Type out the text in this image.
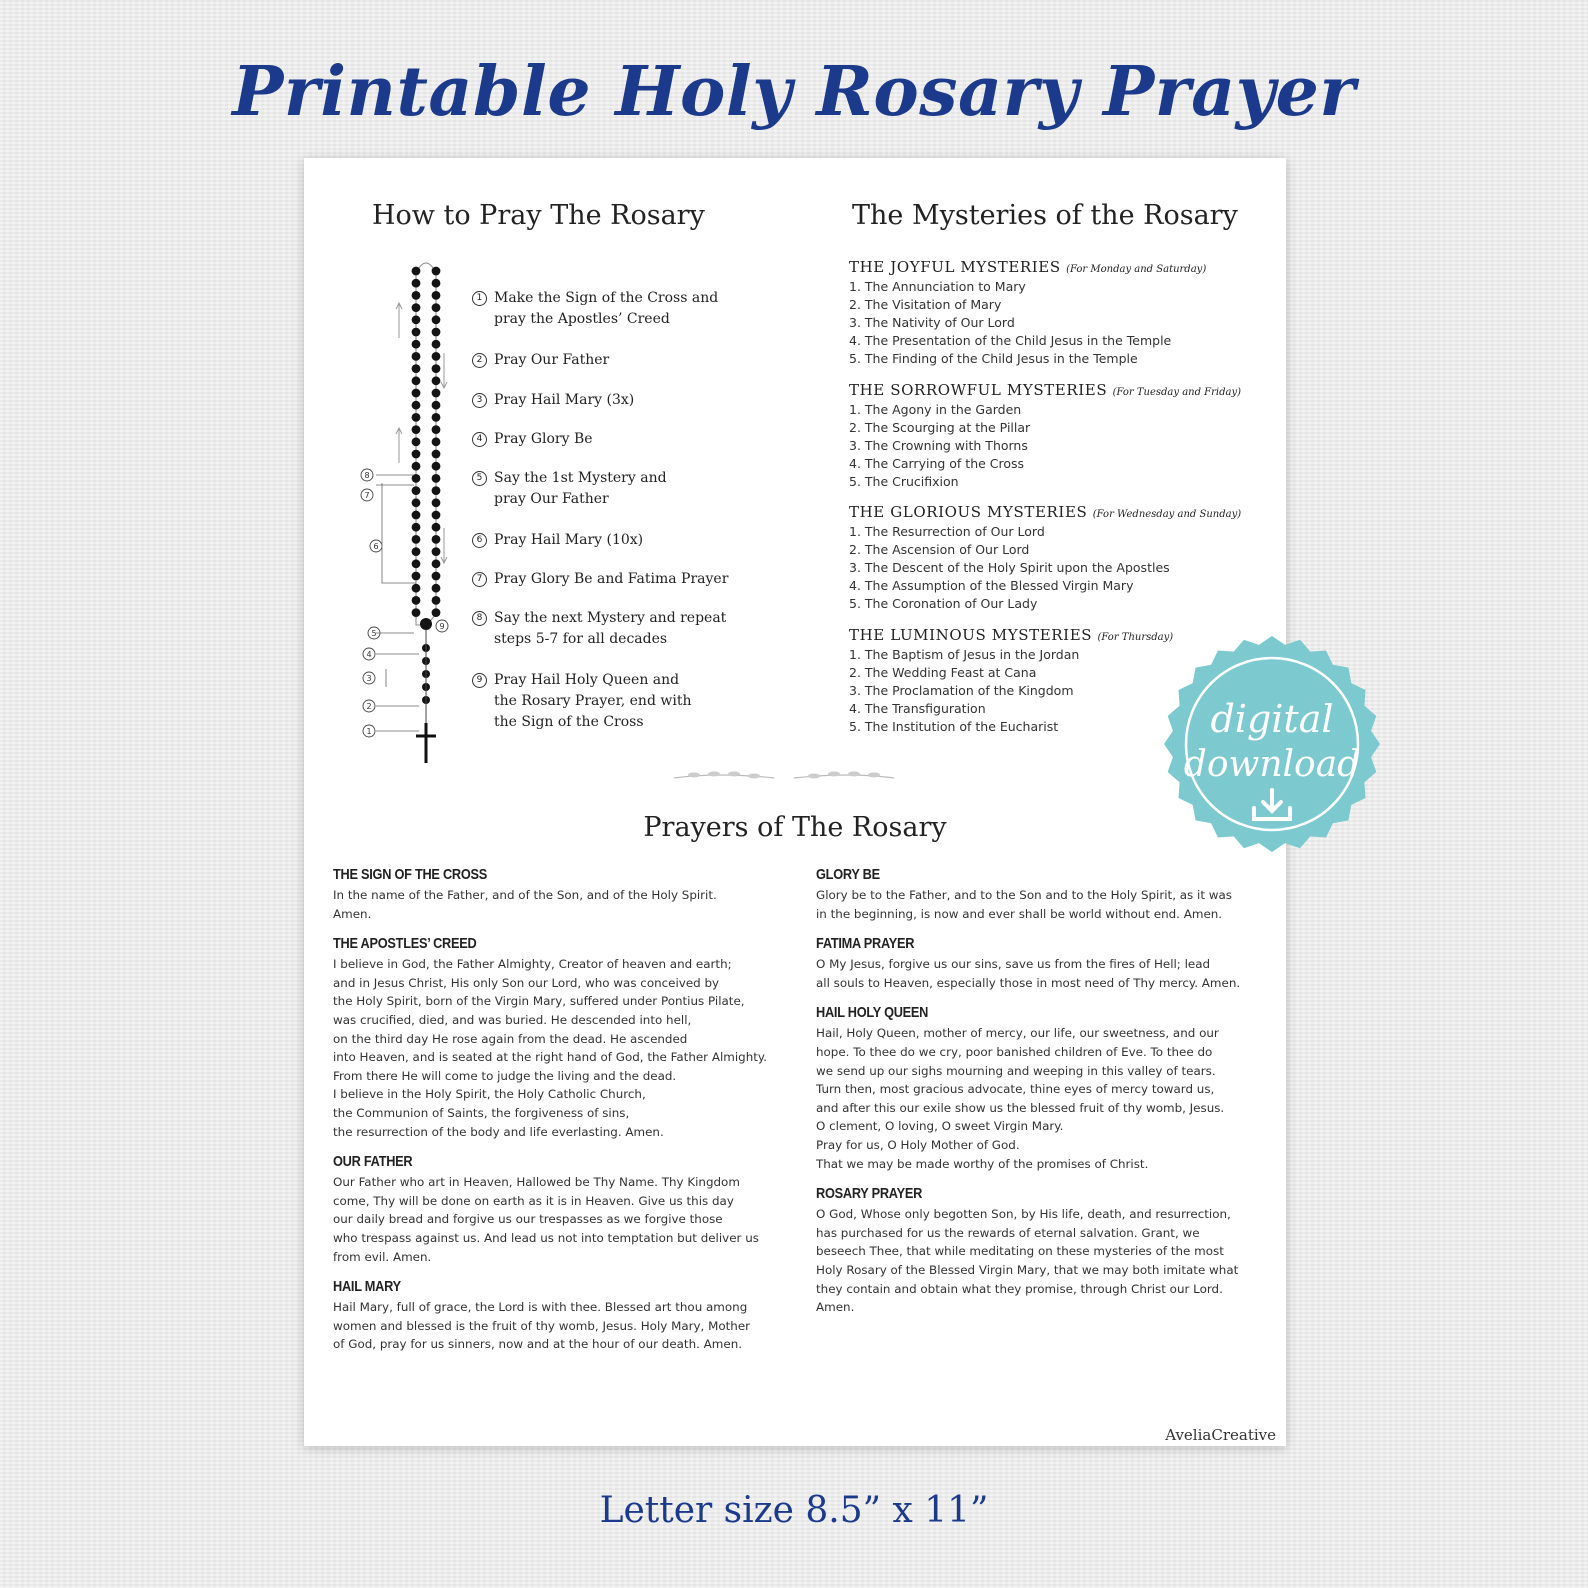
Printable Holy Rosary Prayer
How to Pray The Rosary	The Mysteries of the Rosary
1
2
3
4
5
6
7
8
9
1 Make the Sign of the Cross and
pray the Apostles’ Creed
2 Pray Our Father
3 Pray Hail Mary (3x)
4 Pray Glory Be
5 Say the 1st Mystery and
pray Our Father
6 Pray Hail Mary (10x)
7 Pray Glory Be and Fatima Prayer
8 Say the next Mystery and repeat
steps 5-7 for all decades
9 Pray Hail Holy Queen and
the Rosary Prayer, end with
the Sign of the Cross
THE JOYFUL MYSTERIES (For Monday and Saturday)
1. The Annunciation to Mary
2. The Visitation of Mary
3. The Nativity of Our Lord
4. The Presentation of the Child Jesus in the Temple
5. The Finding of the Child Jesus in the Temple
THE SORROWFUL MYSTERIES (For Tuesday and Friday)
1. The Agony in the Garden
2. The Scourging at the Pillar
3. The Crowning with Thorns
4. The Carrying of the Cross
5. The Crucifixion
THE GLORIOUS MYSTERIES (For Wednesday and Sunday)
1. The Resurrection of Our Lord
2. The Ascension of Our Lord
3. The Descent of the Holy Spirit upon the Apostles
4. The Assumption of the Blessed Virgin Mary
5. The Coronation of Our Lady
THE LUMINOUS MYSTERIES (For Thursday)
1. The Baptism of Jesus in the Jordan
2. The Wedding Feast at Cana
3. The Proclamation of the Kingdom
4. The Transfiguration
5. The Institution of the Eucharist
Prayers of The Rosary
THE SIGN OF THE CROSS
In the name of the Father, and of the Son, and of the Holy Spirit.
Amen.
THE APOSTLES’ CREED
I believe in God, the Father Almighty, Creator of heaven and earth;
and in Jesus Christ, His only Son our Lord, who was conceived by
the Holy Spirit, born of the Virgin Mary, suffered under Pontius Pilate,
was crucified, died, and was buried. He descended into hell,
on the third day He rose again from the dead. He ascended
into Heaven, and is seated at the right hand of God, the Father Almighty.
From there He will come to judge the living and the dead.
I believe in the Holy Spirit, the Holy Catholic Church,
the Communion of Saints, the forgiveness of sins,
the resurrection of the body and life everlasting. Amen.
OUR FATHER
Our Father who art in Heaven, Hallowed be Thy Name. Thy Kingdom
come, Thy will be done on earth as it is in Heaven. Give us this day
our daily bread and forgive us our trespasses as we forgive those
who trespass against us. And lead us not into temptation but deliver us
from evil. Amen.
HAIL MARY
Hail Mary, full of grace, the Lord is with thee. Blessed art thou among
women and blessed is the fruit of thy womb, Jesus. Holy Mary, Mother
of God, pray for us sinners, now and at the hour of our death. Amen.
GLORY BE
Glory be to the Father, and to the Son and to the Holy Spirit, as it was
in the beginning, is now and ever shall be world without end. Amen.
FATIMA PRAYER
O My Jesus, forgive us our sins, save us from the fires of Hell; lead
all souls to Heaven, especially those in most need of Thy mercy. Amen.
HAIL HOLY QUEEN
Hail, Holy Queen, mother of mercy, our life, our sweetness, and our
hope. To thee do we cry, poor banished children of Eve. To thee do
we send up our sighs mourning and weeping in this valley of tears.
Turn then, most gracious advocate, thine eyes of mercy toward us,
and after this our exile show us the blessed fruit of thy womb, Jesus.
O clement, O loving, O sweet Virgin Mary.
Pray for us, O Holy Mother of God.
That we may be made worthy of the promises of Christ.
ROSARY PRAYER
O God, Whose only begotten Son, by His life, death, and resurrection,
has purchased for us the rewards of eternal salvation. Grant, we
beseech Thee, that while meditating on these mysteries of the most
Holy Rosary of the Blessed Virgin Mary, that we may both imitate what
they contain and obtain what they promise, through Christ our Lord.
Amen.
AveliaCreative
digital
download
Letter size 8.5” x 11”
